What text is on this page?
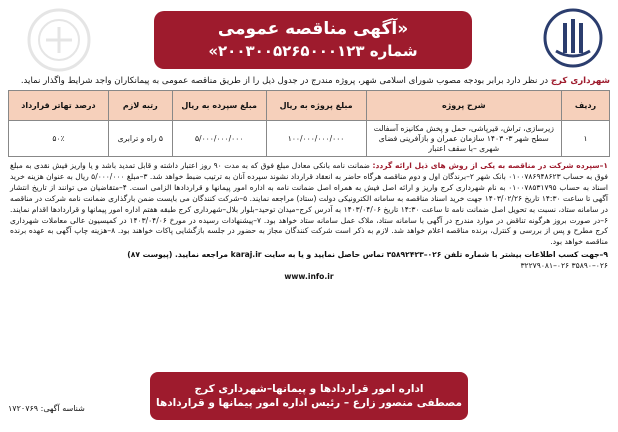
«آگهی مناقصه عمومی
شماره ۲۰۰۳۰۰۵۲۶۵۰۰۰۱۲۳»

شهرداری کرج در نظر دارد برابر بودجه مصوب شورای اسلامی شهر، پروژه مندرج در جدول ذیل را از طریق مناقصه عمومی به پیمانکاران واجد شرایط واگذار نماید.

ردیف	شرح پروژه	مبلغ پروژه به ریال	مبلغ سپرده به ریال	رتبه لازم	درصد تهاتر قرارداد
۱	زیرسازی، تراش، قیرپاشی، حمل و پخش مکانیزه آسفالت سطح شهر ۳- ۱۴۰۳ سازمان عمران و بازآفرینی فضای شهری –با سقف اعتبار	۱۰۰/۰۰۰/۰۰۰/۰۰۰	۵/۰۰۰/۰۰۰/۰۰۰	۵ راه و ترابری	۵۰٪

۱–سپرده شرکت در مناقصه به یکی از روش های ذیل ارائه گردد: ضمانت نامه بانکی معادل مبلغ فوق که به مدت ۹۰ روز اعتبار داشته و قابل تمدید باشد و یا واریز فیش نقدی به مبلغ فوق به حساب ۰۱۰۰۷۸۶۹۴۸۶۲۳ بانک شهر ۲–برندگان اول و دوم مناقصه هرگاه حاضر به انعقاد قرارداد نشوند سپرده آنان به ترتیب ضبط خواهد شد. ۳–مبلغ ۵/۰۰۰/۰۰۰ ریال به عنوان هزینه خرید اسناد به حساب ۰۱۰۰۷۸۵۳۱۷۹۵ به نام شهرداری کرج واریز و ارائه اصل فیش به همراه اصل ضمانت نامه به اداره امور پیمانها و قراردادها الزامی است. ۴–متقاضیان می توانند از تاریخ انتشار آگهی تا ساعت ۱۴:۳۰ تاریخ ۱۴۰۳/۰۲/۲۶ جهت خرید اسناد مناقصه به سامانه الکترونیکی دولت (ستاد) مراجعه نمایند. ۵–شرکت کنندگان می بایست ضمن بارگذاری ضمانت نامه شرکت در مناقصه در سامانه ستاد، نسبت به تحویل اصل ضمانت نامه تا ساعت ۱۴:۳۰ تاریخ ۱۴۰۳/۰۴/۰۶ به آدرس کرج–میدان توحید–بلوار بلال–شهرداری کرج طبقه هفتم اداره امور پیمانها و قراردادها اقدام نمایند. ۶–در صورت بروز هرگونه تناقض در موارد مندرج در آگهی با سامانه ستاد، ملاک عمل سامانه ستاد خواهد بود. ۷–پیشنهادات رسیده در مورخ ۱۴۰۳/۰۴/۰۶ در کمیسیون عالی معاملات شهرداری کرج مطرح و پس از بررسی و کنترل، برنده مناقصه اعلام خواهد شد. لازم به ذکر است شرکت کنندگان مجاز به حضور در جلسه بازگشایی پاکات خواهند بود. ۸–هزینه چاپ آگهی به عهده برنده مناقصه خواهد بود.

۹–جهت کسب اطلاعات بیشتر با شماره تلفن ۰۲۶–۳۵۸۹۲۴۲۳ تماس حاصل نمایید و یا به سایت karaj.ir مراجعه نمایید. (پیوست ۸۷)
۰۲۶–۳۵۸۹۰ ۰۲۶–۳۲۲۷۹۰۸۱
www.info.ir
اداره امور قراردادها و پیمانها–شهرداری کرج
مصطفی منصور زارع – رئیس اداره امور پیمانها و قراردادها
شناسه آگهی: ۱۷۲۰۷۶۹
